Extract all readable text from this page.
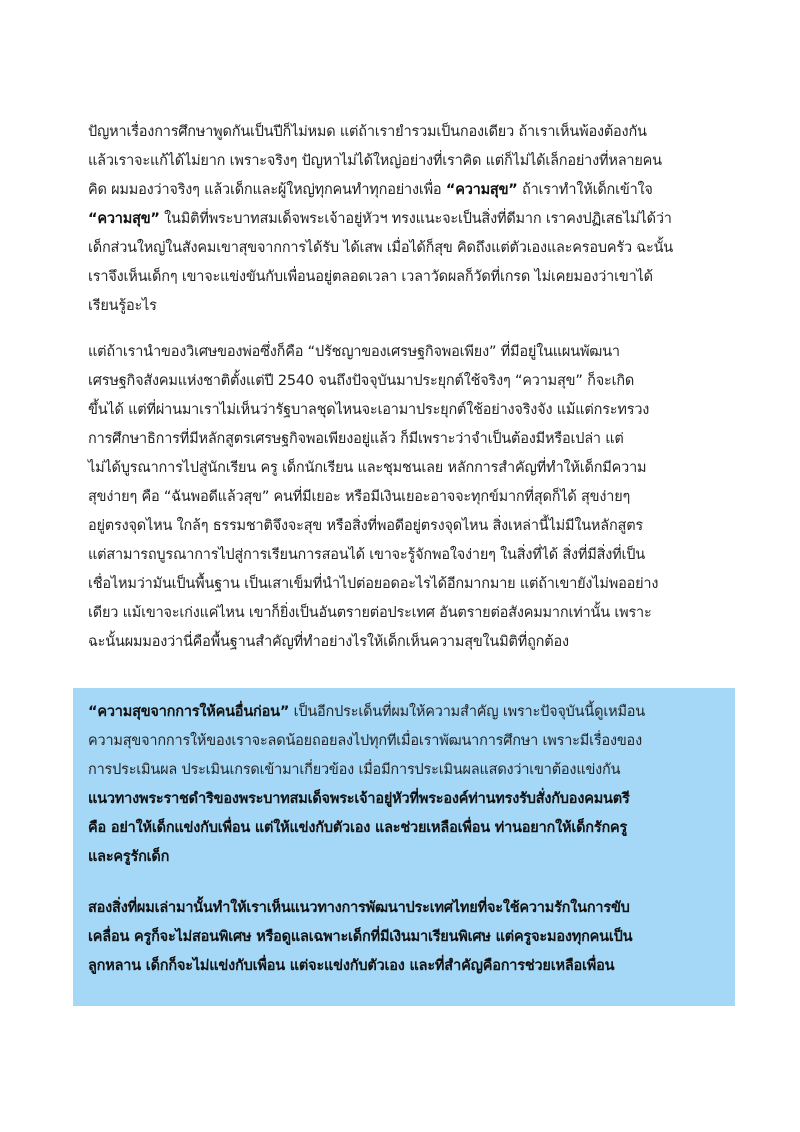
ปัญหาเรื่องการศึกษาพูดกันเป็นปีก็ไม่หมด แต่ถ้าเรายำรวมเป็นกองเดียว ถ้าเราเห็นพ้องต้องกัน
แล้วเราจะแก้ได้ไม่ยาก เพราะจริงๆ ปัญหาไม่ได้ใหญ่อย่างที่เราคิด แต่ก็ไม่ได้เล็กอย่างที่หลายคน
คิด ผมมองว่าจริงๆ แล้วเด็กและผู้ใหญ่ทุกคนทำทุกอย่างเพื่อ “ความสุข” ถ้าเราทำให้เด็กเข้าใจ
“ความสุข” ในมิติที่พระบาทสมเด็จพระเจ้าอยู่หัวฯ ทรงแนะจะเป็นสิ่งที่ดีมาก เราคงปฏิเสธไม่ได้ว่า
เด็กส่วนใหญ่ในสังคมเขาสุขจากการได้รับ ได้เสพ เมื่อได้ก็สุข คิดถึงแต่ตัวเองและครอบครัว ฉะนั้น
เราจึงเห็นเด็กๆ เขาจะแข่งขันกับเพื่อนอยู่ตลอดเวลา เวลาวัดผลก็วัดที่เกรด ไม่เคยมองว่าเขาได้
เรียนรู้อะไร

แต่ถ้าเรานำของวิเศษของพ่อซึ่งก็คือ “ปรัชญาของเศรษฐกิจพอเพียง” ที่มีอยู่ในแผนพัฒนา
เศรษฐกิจสังคมแห่งชาติตั้งแต่ปี 2540 จนถึงปัจจุบันมาประยุกต์ใช้จริงๆ “ความสุข” ก็จะเกิด
ขึ้นได้ แต่ที่ผ่านมาเราไม่เห็นว่ารัฐบาลชุดไหนจะเอามาประยุกต์ใช้อย่างจริงจัง แม้แต่กระทรวง
การศึกษาธิการที่มีหลักสูตรเศรษฐกิจพอเพียงอยู่แล้ว ก็มีเพราะว่าจำเป็นต้องมีหรือเปล่า แต่
ไม่ได้บูรณาการไปสู่นักเรียน ครู เด็กนักเรียน และชุมชนเลย หลักการสำคัญที่ทำให้เด็กมีความ
สุขง่ายๆ คือ “ฉันพอดีแล้วสุข” คนที่มีเยอะ หรือมีเงินเยอะอาจจะทุกข์มากที่สุดก็ได้ สุขง่ายๆ
อยู่ตรงจุดไหน ใกล้ๆ ธรรมชาติจึงจะสุข หรือสิ่งที่พอดีอยู่ตรงจุดไหน สิ่งเหล่านี้ไม่มีในหลักสูตร
แต่สามารถบูรณาการไปสู่การเรียนการสอนได้ เขาจะรู้จักพอใจง่ายๆ ในสิ่งที่ได้ สิ่งที่มีสิ่งที่เป็น
เชื่อไหมว่ามันเป็นพื้นฐาน เป็นเสาเข็มที่นำไปต่อยอดอะไรได้อีกมากมาย แต่ถ้าเขายังไม่พออย่าง
เดียว แม้เขาจะเก่งแค่ไหน เขาก็ยิ่งเป็นอันตรายต่อประเทศ อันตรายต่อสังคมมากเท่านั้น เพราะ
ฉะนั้นผมมองว่านี่คือพื้นฐานสำคัญที่ทำอย่างไรให้เด็กเห็นความสุขในมิติที่ถูกต้อง

“ความสุขจากการให้คนอื่นก่อน” เป็นอีกประเด็นที่ผมให้ความสำคัญ เพราะปัจจุบันนี้ดูเหมือน
ความสุขจากการให้ของเราจะลดน้อยถอยลงไปทุกทีเมื่อเราพัฒนาการศึกษา เพราะมีเรื่องของ
การประเมินผล ประเมินเกรดเข้ามาเกี่ยวข้อง เมื่อมีการประเมินผลแสดงว่าเขาต้องแข่งกัน
แนวทางพระราชดำริของพระบาทสมเด็จพระเจ้าอยู่หัวที่พระองค์ท่านทรงรับสั่งกับองคมนตรี
คือ อย่าให้เด็กแข่งกับเพื่อน แต่ให้แข่งกับตัวเอง และช่วยเหลือเพื่อน ท่านอยากให้เด็กรักครู
และครูรักเด็ก

สองสิ่งที่ผมเล่ามานั้นทำให้เราเห็นแนวทางการพัฒนาประเทศไทยที่จะใช้ความรักในการขับ
เคลื่อน ครูก็จะไม่สอนพิเศษ หรือดูแลเฉพาะเด็กที่มีเงินมาเรียนพิเศษ แต่ครูจะมองทุกคนเป็น
ลูกหลาน เด็กก็จะไม่แข่งกับเพื่อน แต่จะแข่งกับตัวเอง และที่สำคัญคือการช่วยเหลือเพื่อน
